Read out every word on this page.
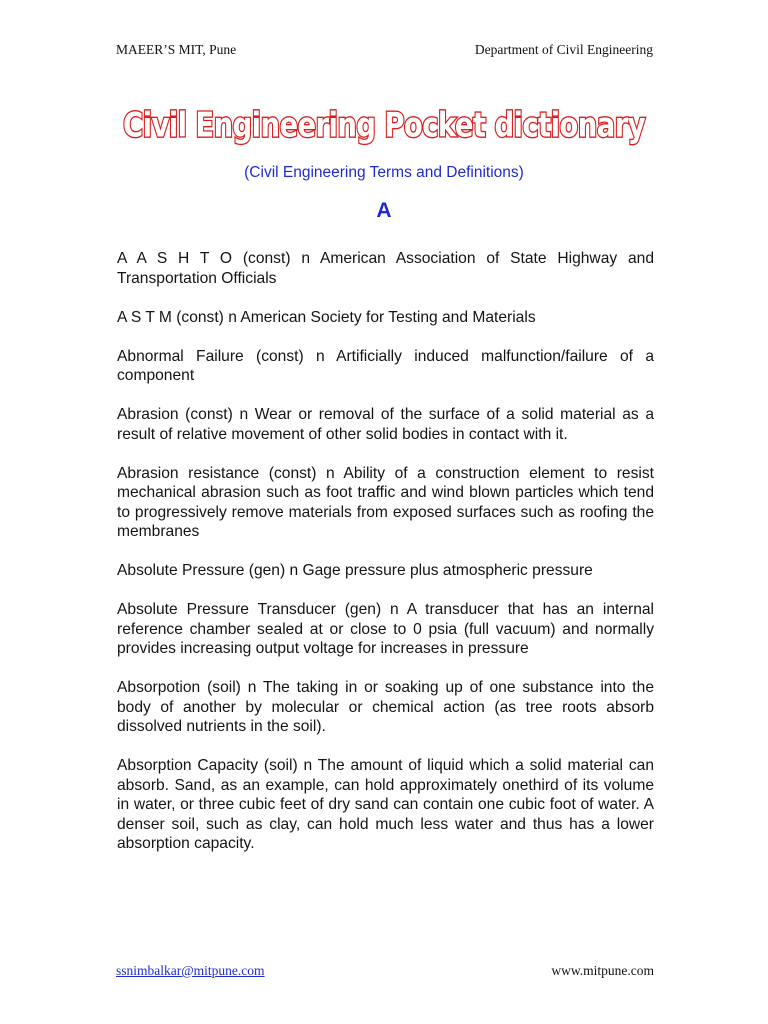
MAEER’S MIT, Pune	Department of Civil Engineering
Civil Engineering Pocket dictionary
(Civil Engineering Terms and Definitions)
A

A A S H T O (const) n American Association of State Highway and Transportation Officials

A S T M (const) n American Society for Testing and Materials

Abnormal Failure (const) n Artificially induced malfunction/failure of a component

Abrasion (const) n Wear or removal of the surface of a solid material as a result of relative movement of other solid bodies in contact with it.

Abrasion resistance (const) n Ability of a construction element to resist mechanical abrasion such as foot traffic and wind blown particles which tend to progressively remove materials from exposed surfaces such as roofing the membranes

Absolute Pressure (gen) n Gage pressure plus atmospheric pressure

Absolute Pressure Transducer (gen) n A transducer that has an internal reference chamber sealed at or close to 0 psia (full vacuum) and normally provides increasing output voltage for increases in pressure

Absorpotion (soil) n The taking in or soaking up of one substance into the body of another by molecular or chemical action (as tree roots absorb dissolved nutrients in the soil).

Absorption Capacity (soil) n The amount of liquid which a solid material can absorb. Sand, as an example, can hold approximately onethird of its volume in water, or three cubic feet of dry sand can contain one cubic foot of water. A denser soil, such as clay, can hold much less water and thus has a lower absorption capacity.

ssnimbalkar@mitpune.com	www.mitpune.com
